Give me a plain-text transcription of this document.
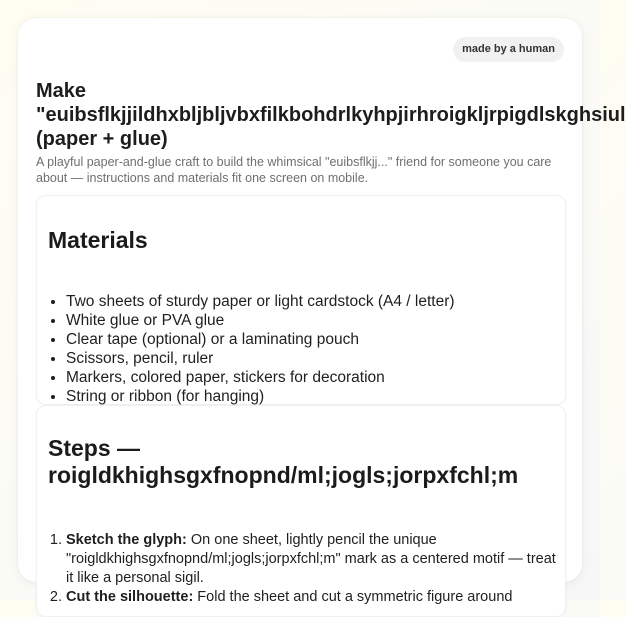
made by a human
Make
"euibsflkjjildhxbljbljvbxfilkbohdrlkyhpjirhroigkljrpigdlskghsiul
(paper + glue)

A playful paper-and-glue craft to build the whimsical "euibsflkjj..." friend for someone you care about — instructions and materials fit one screen on mobile.

Materials
• Two sheets of sturdy paper or light cardstock (A4 / letter)
• White glue or PVA glue
• Clear tape (optional) or a laminating pouch
• Scissors, pencil, ruler
• Markers, colored paper, stickers for decoration
• String or ribbon (for hanging)
Steps —
roigldkhighsgxfnopnd/ml;jogls;jorpxfchl;m
1. Sketch the glyph: On one sheet, lightly pencil the unique "roigldkhighsgxfnopnd/ml;jogls;jorpxfchl;m" mark as a centered motif — treat it like a personal sigil.
2. Cut the silhouette: Fold the sheet and cut a symmetric figure around
